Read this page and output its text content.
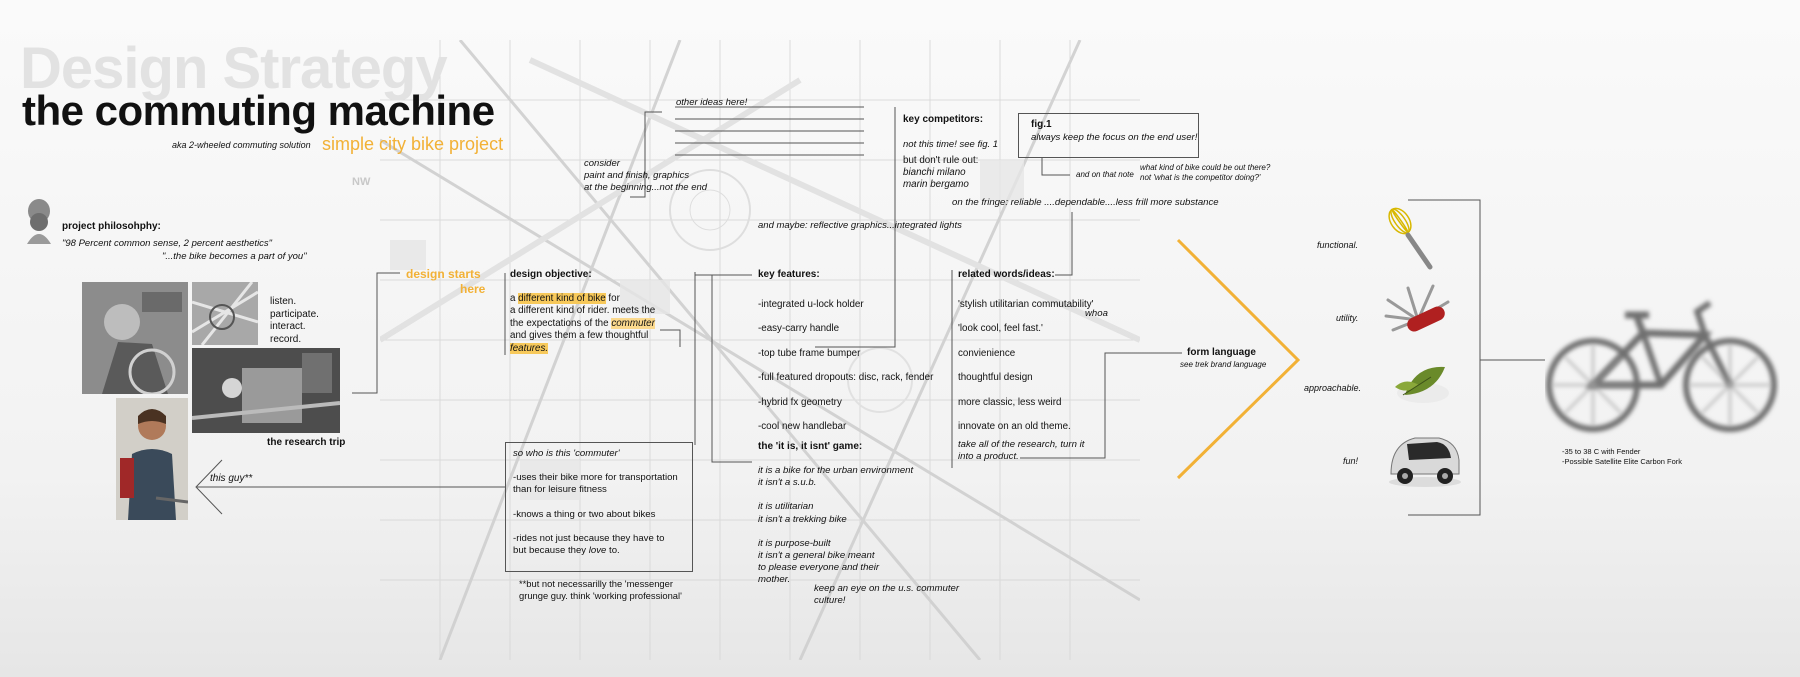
NW
Design Strategy
the commuting machine
aka 2-wheeled commuting solution simple city bike project
project philosohphy:
"98 Percent common sense, 2 percent aesthetics"
"...the bike becomes a part of you"

listen.

participate.

interact.

record.

the research trip
this guy**
design starts
here
other ideas here!

consider

paint and finish, graphics

at the beginning...not the end

and maybe: reflective graphics...integrated lights
design objective:

a different kind of bike for

a different kind of rider. meets the

the expectations of the commuter

and gives them a few thoughtful

features.

so who is this 'commuter'

-uses their bike more for transportation

than for leisure fitness

-knows a thing or two about bikes

-rides not just because they have to

but because they love to.

**but not necessarilly the 'messenger

grunge guy. think 'working professional'

key features:

-integrated u-lock holder

-easy-carry handle

-top tube frame bumper

-full featured dropouts: disc, rack, fender

-hybrid fx geometry

-cool new handlebar

the 'it is, it isnt' game:

it is a bike for the urban environment

it isn't a s.u.b.

it is utilitarian

it isn't a trekking bike

it is purpose-built

it isn't a general bike meant

to please everyone and their

mother.

keep an eye on the u.s. commuter

culture!

key competitors:
not this time! see fig. 1
but don't rule out:

bianchi milano

marin bergamo

on the fringe: reliable ....dependable....less frill more substance
fig.1
always keep the focus on the end user!
and on that note

what kind of bike could be out there?

not 'what is the competitor doing?'

related words/ideas:

'stylish utilitarian commutability'

'look cool, feel fast.'

convienience

thoughtful design

more classic, less weird

innovate on an old theme.

whoa

take all of the research, turn it

into a product.

form language
see trek brand language
functional.
utility.
approachable.
fun!

-35 to 38 C with Fender

-Possible Satellite Elite Carbon Fork
